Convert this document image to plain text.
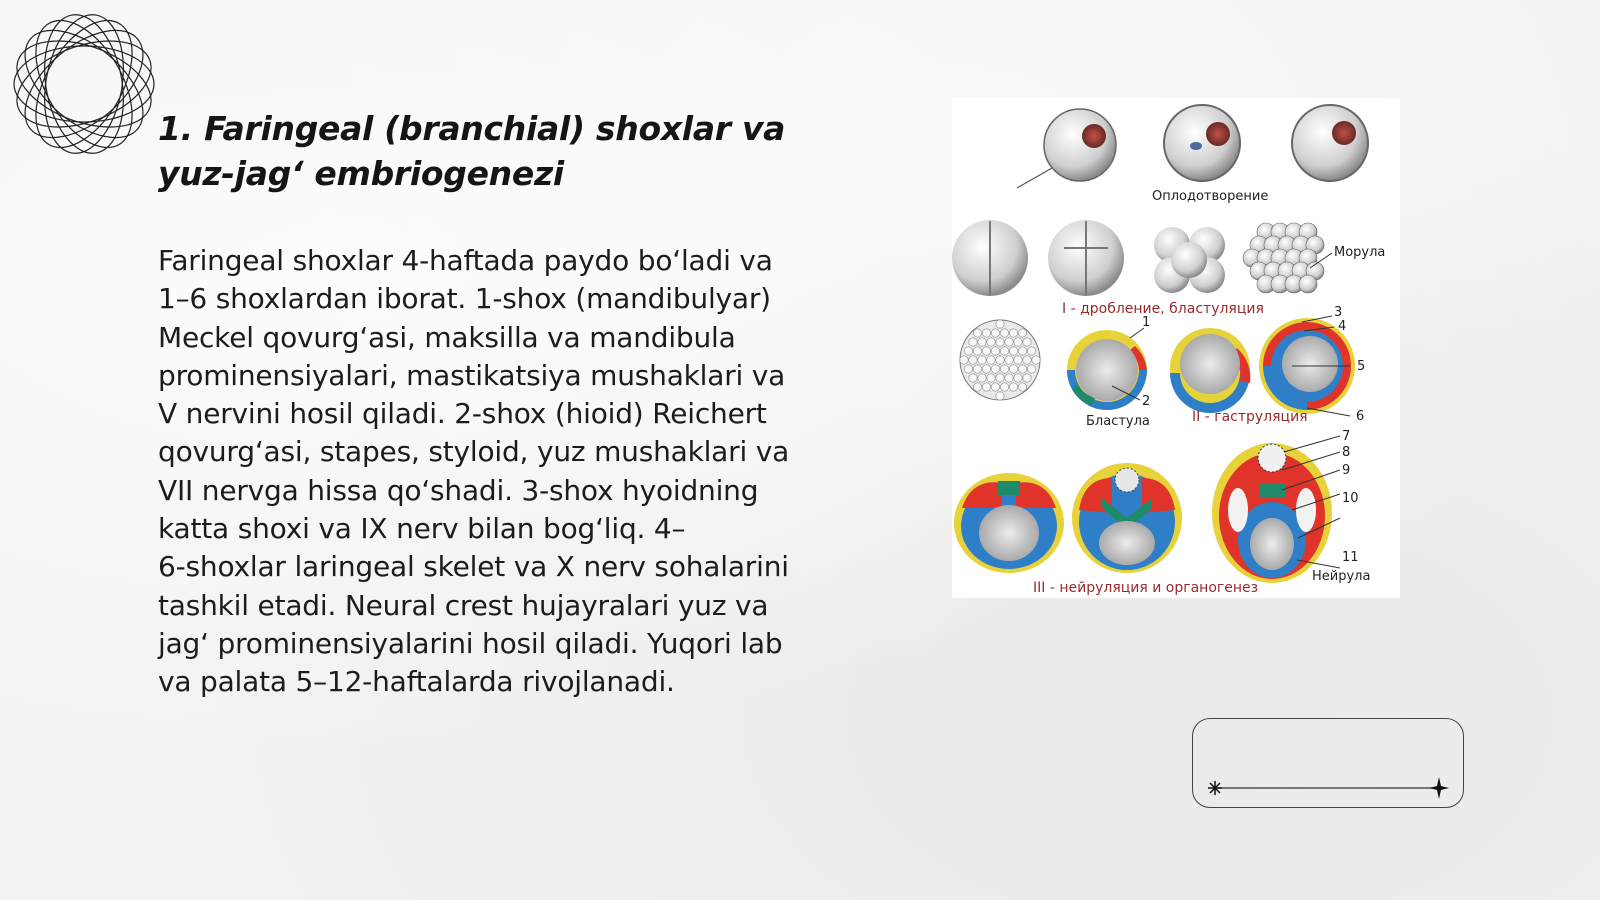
1. Faringeal (branchial) shoxlar va
yuz-jag‘ embriogenezi
Faringeal shoxlar 4-haftada paydo bo‘ladi va
1–6 shoxlardan iborat. 1-shox (mandibulyar)
Meckel qovurg‘asi, maksilla va mandibula
prominensiyalari, mastikatsiya mushaklari va
V nervini hosil qiladi. 2-shox (hioid) Reichert
qovurg‘asi, stapes, styloid, yuz mushaklari va
VII nervga hissa qo‘shadi. 3-shox hyoidning
katta shoxi va IX nerv bilan bog‘liq. 4–
6-shoxlar laringeal skelet va X nerv sohalarini
tashkil etadi. Neural crest hujayralari yuz va
jag‘ prominensiyalarini hosil qiladi. Yuqori lab
va palata 5–12-haftalarda rivojlanadi.
Оплодотворение
Морула
I - дробление, бластуляция
1
2
3
4
5
6
Бластула	II - гаструляция
7
8
9
10
11
III - нейруляция и органогенез
Нейрула
